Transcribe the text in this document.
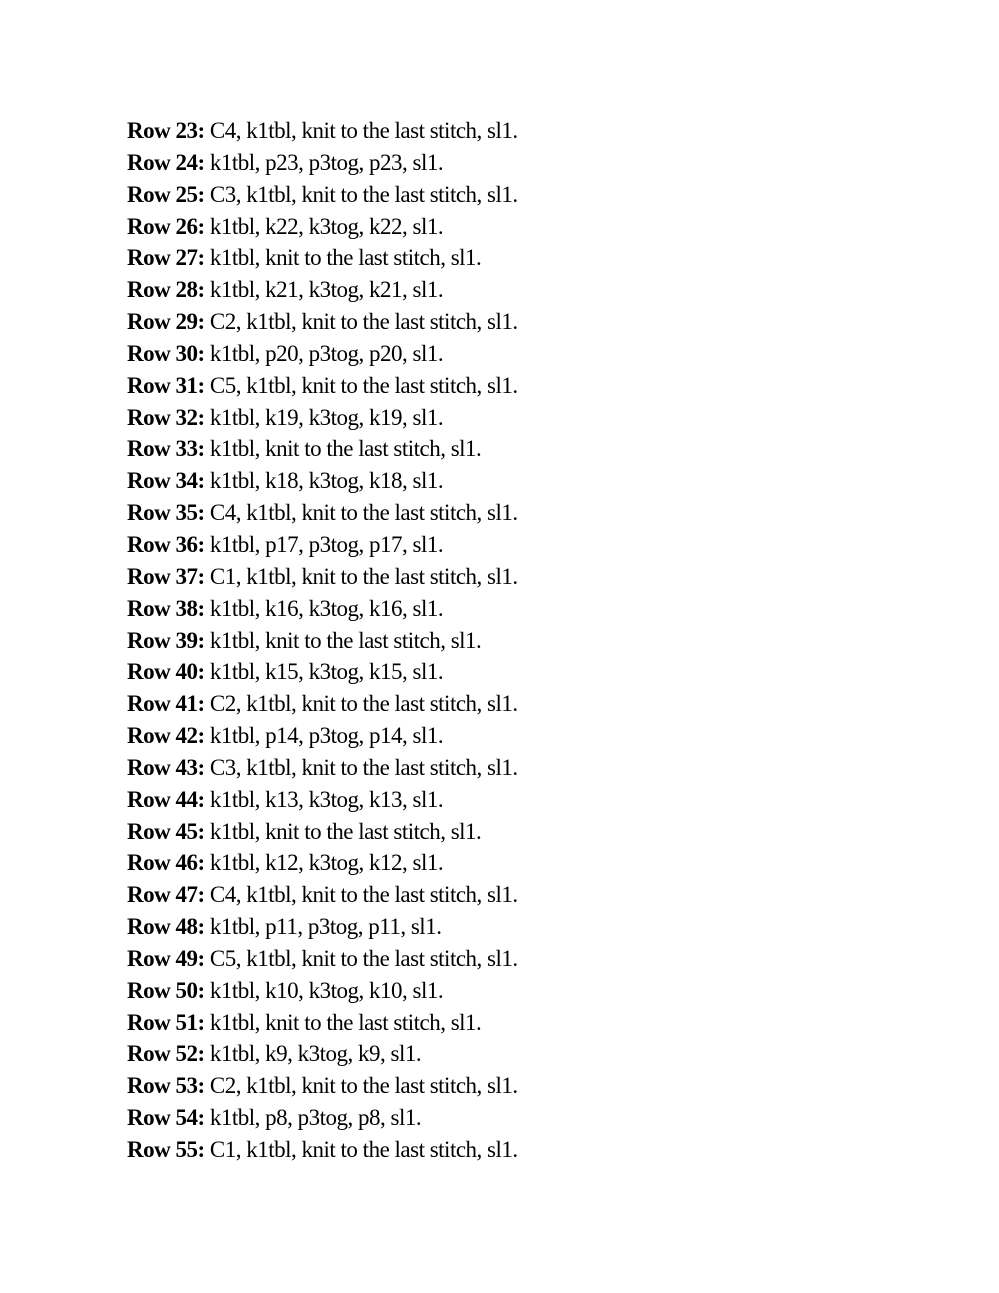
Row 23: C4, k1tbl, knit to the last stitch, sl1.
Row 24: k1tbl, p23, p3tog, p23, sl1.
Row 25: C3, k1tbl, knit to the last stitch, sl1.
Row 26: k1tbl, k22, k3tog, k22, sl1.
Row 27: k1tbl, knit to the last stitch, sl1.
Row 28: k1tbl, k21, k3tog, k21, sl1.
Row 29: C2, k1tbl, knit to the last stitch, sl1.
Row 30: k1tbl, p20, p3tog, p20, sl1.
Row 31: C5, k1tbl, knit to the last stitch, sl1.
Row 32: k1tbl, k19, k3tog, k19, sl1.
Row 33: k1tbl, knit to the last stitch, sl1.
Row 34: k1tbl, k18, k3tog, k18, sl1.
Row 35: C4, k1tbl, knit to the last stitch, sl1.
Row 36: k1tbl, p17, p3tog, p17, sl1.
Row 37: C1, k1tbl, knit to the last stitch, sl1.
Row 38: k1tbl, k16, k3tog, k16, sl1.
Row 39: k1tbl, knit to the last stitch, sl1.
Row 40: k1tbl, k15, k3tog, k15, sl1.
Row 41: C2, k1tbl, knit to the last stitch, sl1.
Row 42: k1tbl, p14, p3tog, p14, sl1.
Row 43: C3, k1tbl, knit to the last stitch, sl1.
Row 44: k1tbl, k13, k3tog, k13, sl1.
Row 45: k1tbl, knit to the last stitch, sl1.
Row 46: k1tbl, k12, k3tog, k12, sl1.
Row 47: C4, k1tbl, knit to the last stitch, sl1.
Row 48: k1tbl, p11, p3tog, p11, sl1.
Row 49: C5, k1tbl, knit to the last stitch, sl1.
Row 50: k1tbl, k10, k3tog, k10, sl1.
Row 51: k1tbl, knit to the last stitch, sl1.
Row 52: k1tbl, k9, k3tog, k9, sl1.
Row 53: C2, k1tbl, knit to the last stitch, sl1.
Row 54: k1tbl, p8, p3tog, p8, sl1.
Row 55: C1, k1tbl, knit to the last stitch, sl1.
